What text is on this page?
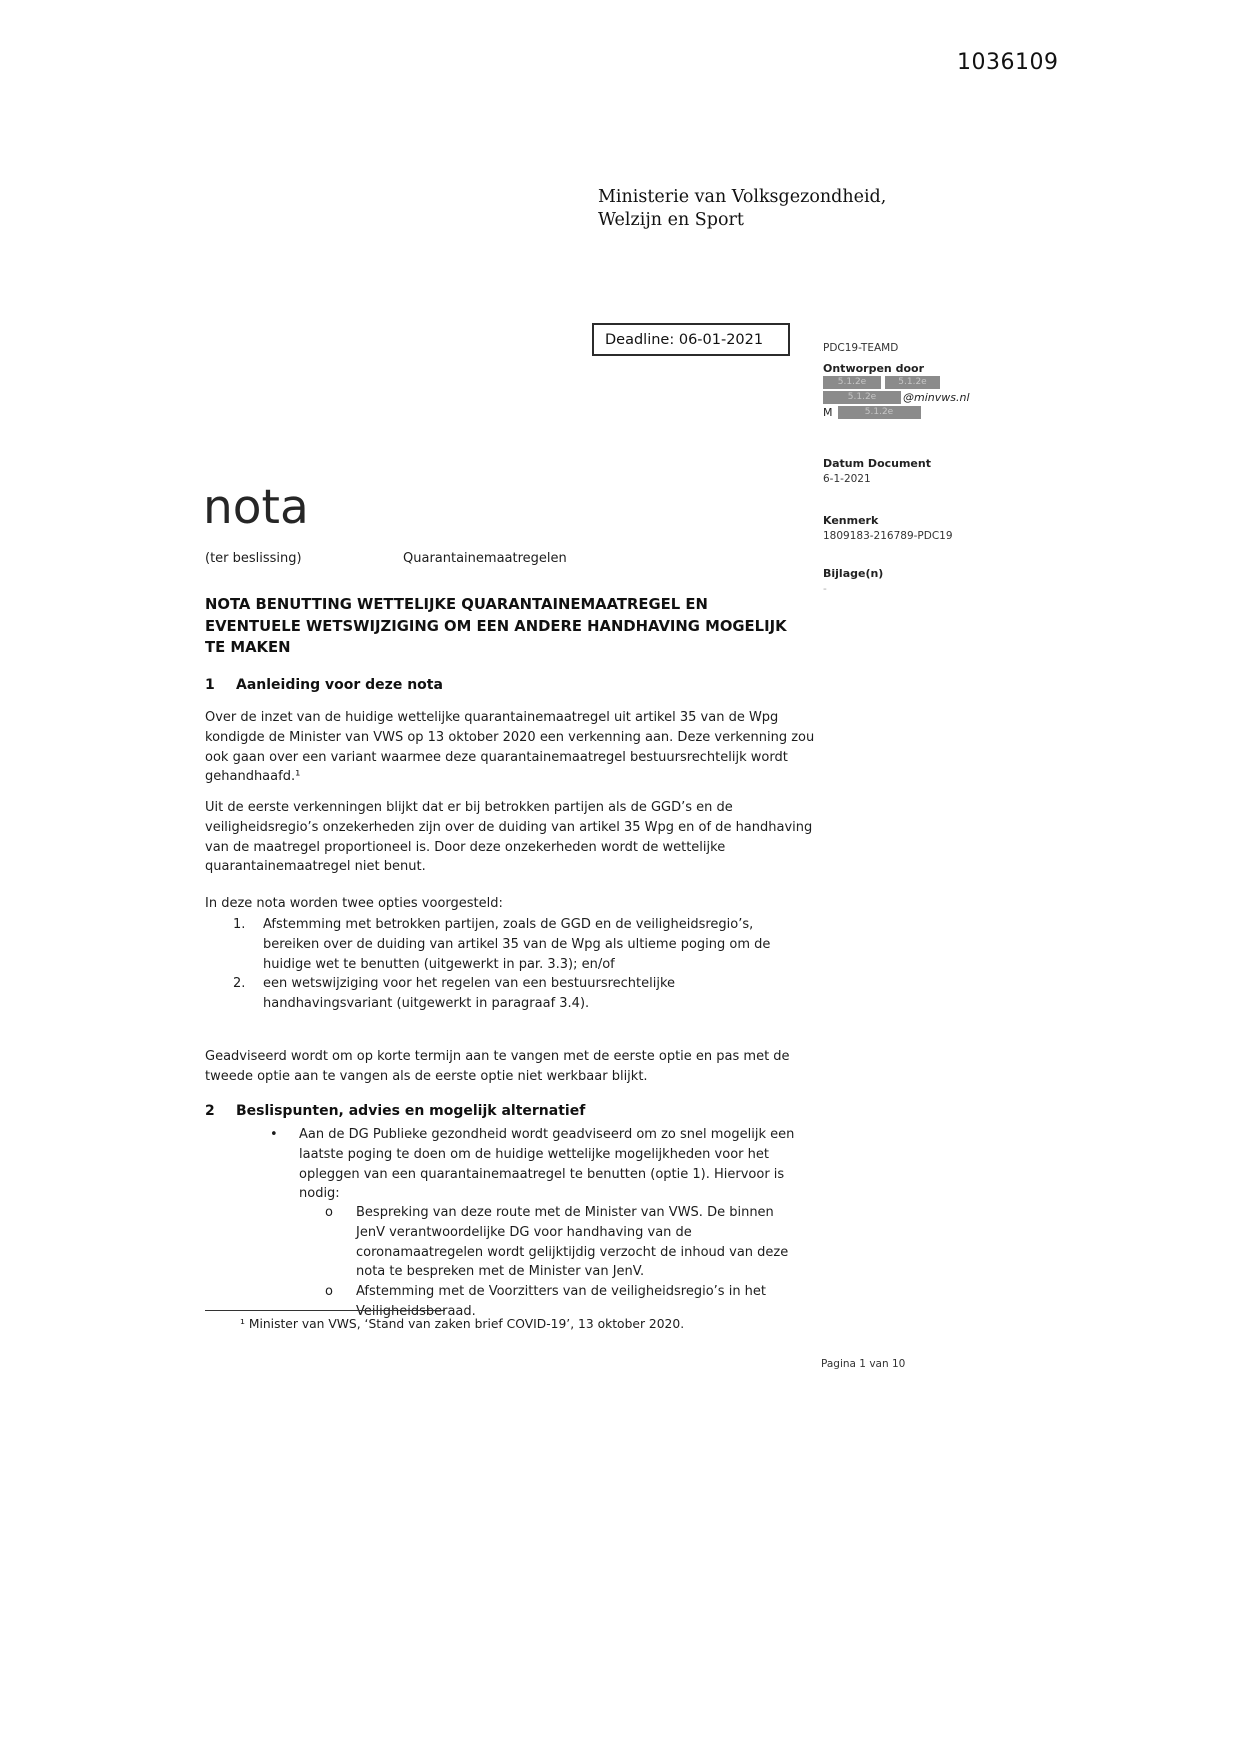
1036109
Ministerie van Volksgezondheid,
Welzijn en Sport
Deadline: 06-01-2021
PDC19-TEAMD
Ontworpen door
5.1.2e	5.1.2e
5.1.2e	@minvws.nl
M	5.1.2e
Datum Document
6-1-2021
Kenmerk
1809183-216789-PDC19
Bijlage(n)
-
nota
(ter beslissing)	Quarantainemaatregelen
NOTA BENUTTING WETTELIJKE QUARANTAINEMAATREGEL EN EVENTUELE WETSWIJZIGING OM EEN ANDERE HANDHAVING MOGELIJK TE MAKEN
1	Aanleiding voor deze nota
Over de inzet van de huidige wettelijke quarantainemaatregel uit artikel 35 van de Wpg kondigde de Minister van VWS op 13 oktober 2020 een verkenning aan. Deze verkenning zou ook gaan over een variant waarmee deze quarantainemaatregel bestuursrechtelijk wordt gehandhaafd.¹
Uit de eerste verkenningen blijkt dat er bij betrokken partijen als de GGD’s en de veiligheidsregio’s onzekerheden zijn over de duiding van artikel 35 Wpg en of de handhaving van de maatregel proportioneel is. Door deze onzekerheden wordt de wettelijke quarantainemaatregel niet benut.
In deze nota worden twee opties voorgesteld:
1.	Afstemming met betrokken partijen, zoals de GGD en de veiligheidsregio’s, bereiken over de duiding van artikel 35 van de Wpg als ultieme poging om de huidige wet te benutten (uitgewerkt in par. 3.3); en/of
2.	een wetswijziging voor het regelen van een bestuursrechtelijke handhavingsvariant (uitgewerkt in paragraaf 3.4).
Geadviseerd wordt om op korte termijn aan te vangen met de eerste optie en pas met de tweede optie aan te vangen als de eerste optie niet werkbaar blijkt.
2	Beslispunten, advies en mogelijk alternatief
•	Aan de DG Publieke gezondheid wordt geadviseerd om zo snel mogelijk een laatste poging te doen om de huidige wettelijke mogelijkheden voor het opleggen van een quarantainemaatregel te benutten (optie 1). Hiervoor is nodig:
o	Bespreking van deze route met de Minister van VWS. De binnen JenV verantwoordelijke DG voor handhaving van de coronamaatregelen wordt gelijktijdig verzocht de inhoud van deze nota te bespreken met de Minister van JenV.
o	Afstemming met de Voorzitters van de veiligheidsregio’s in het Veiligheidsberaad.
¹ Minister van VWS, ‘Stand van zaken brief COVID-19’, 13 oktober 2020.
Pagina 1 van 10
